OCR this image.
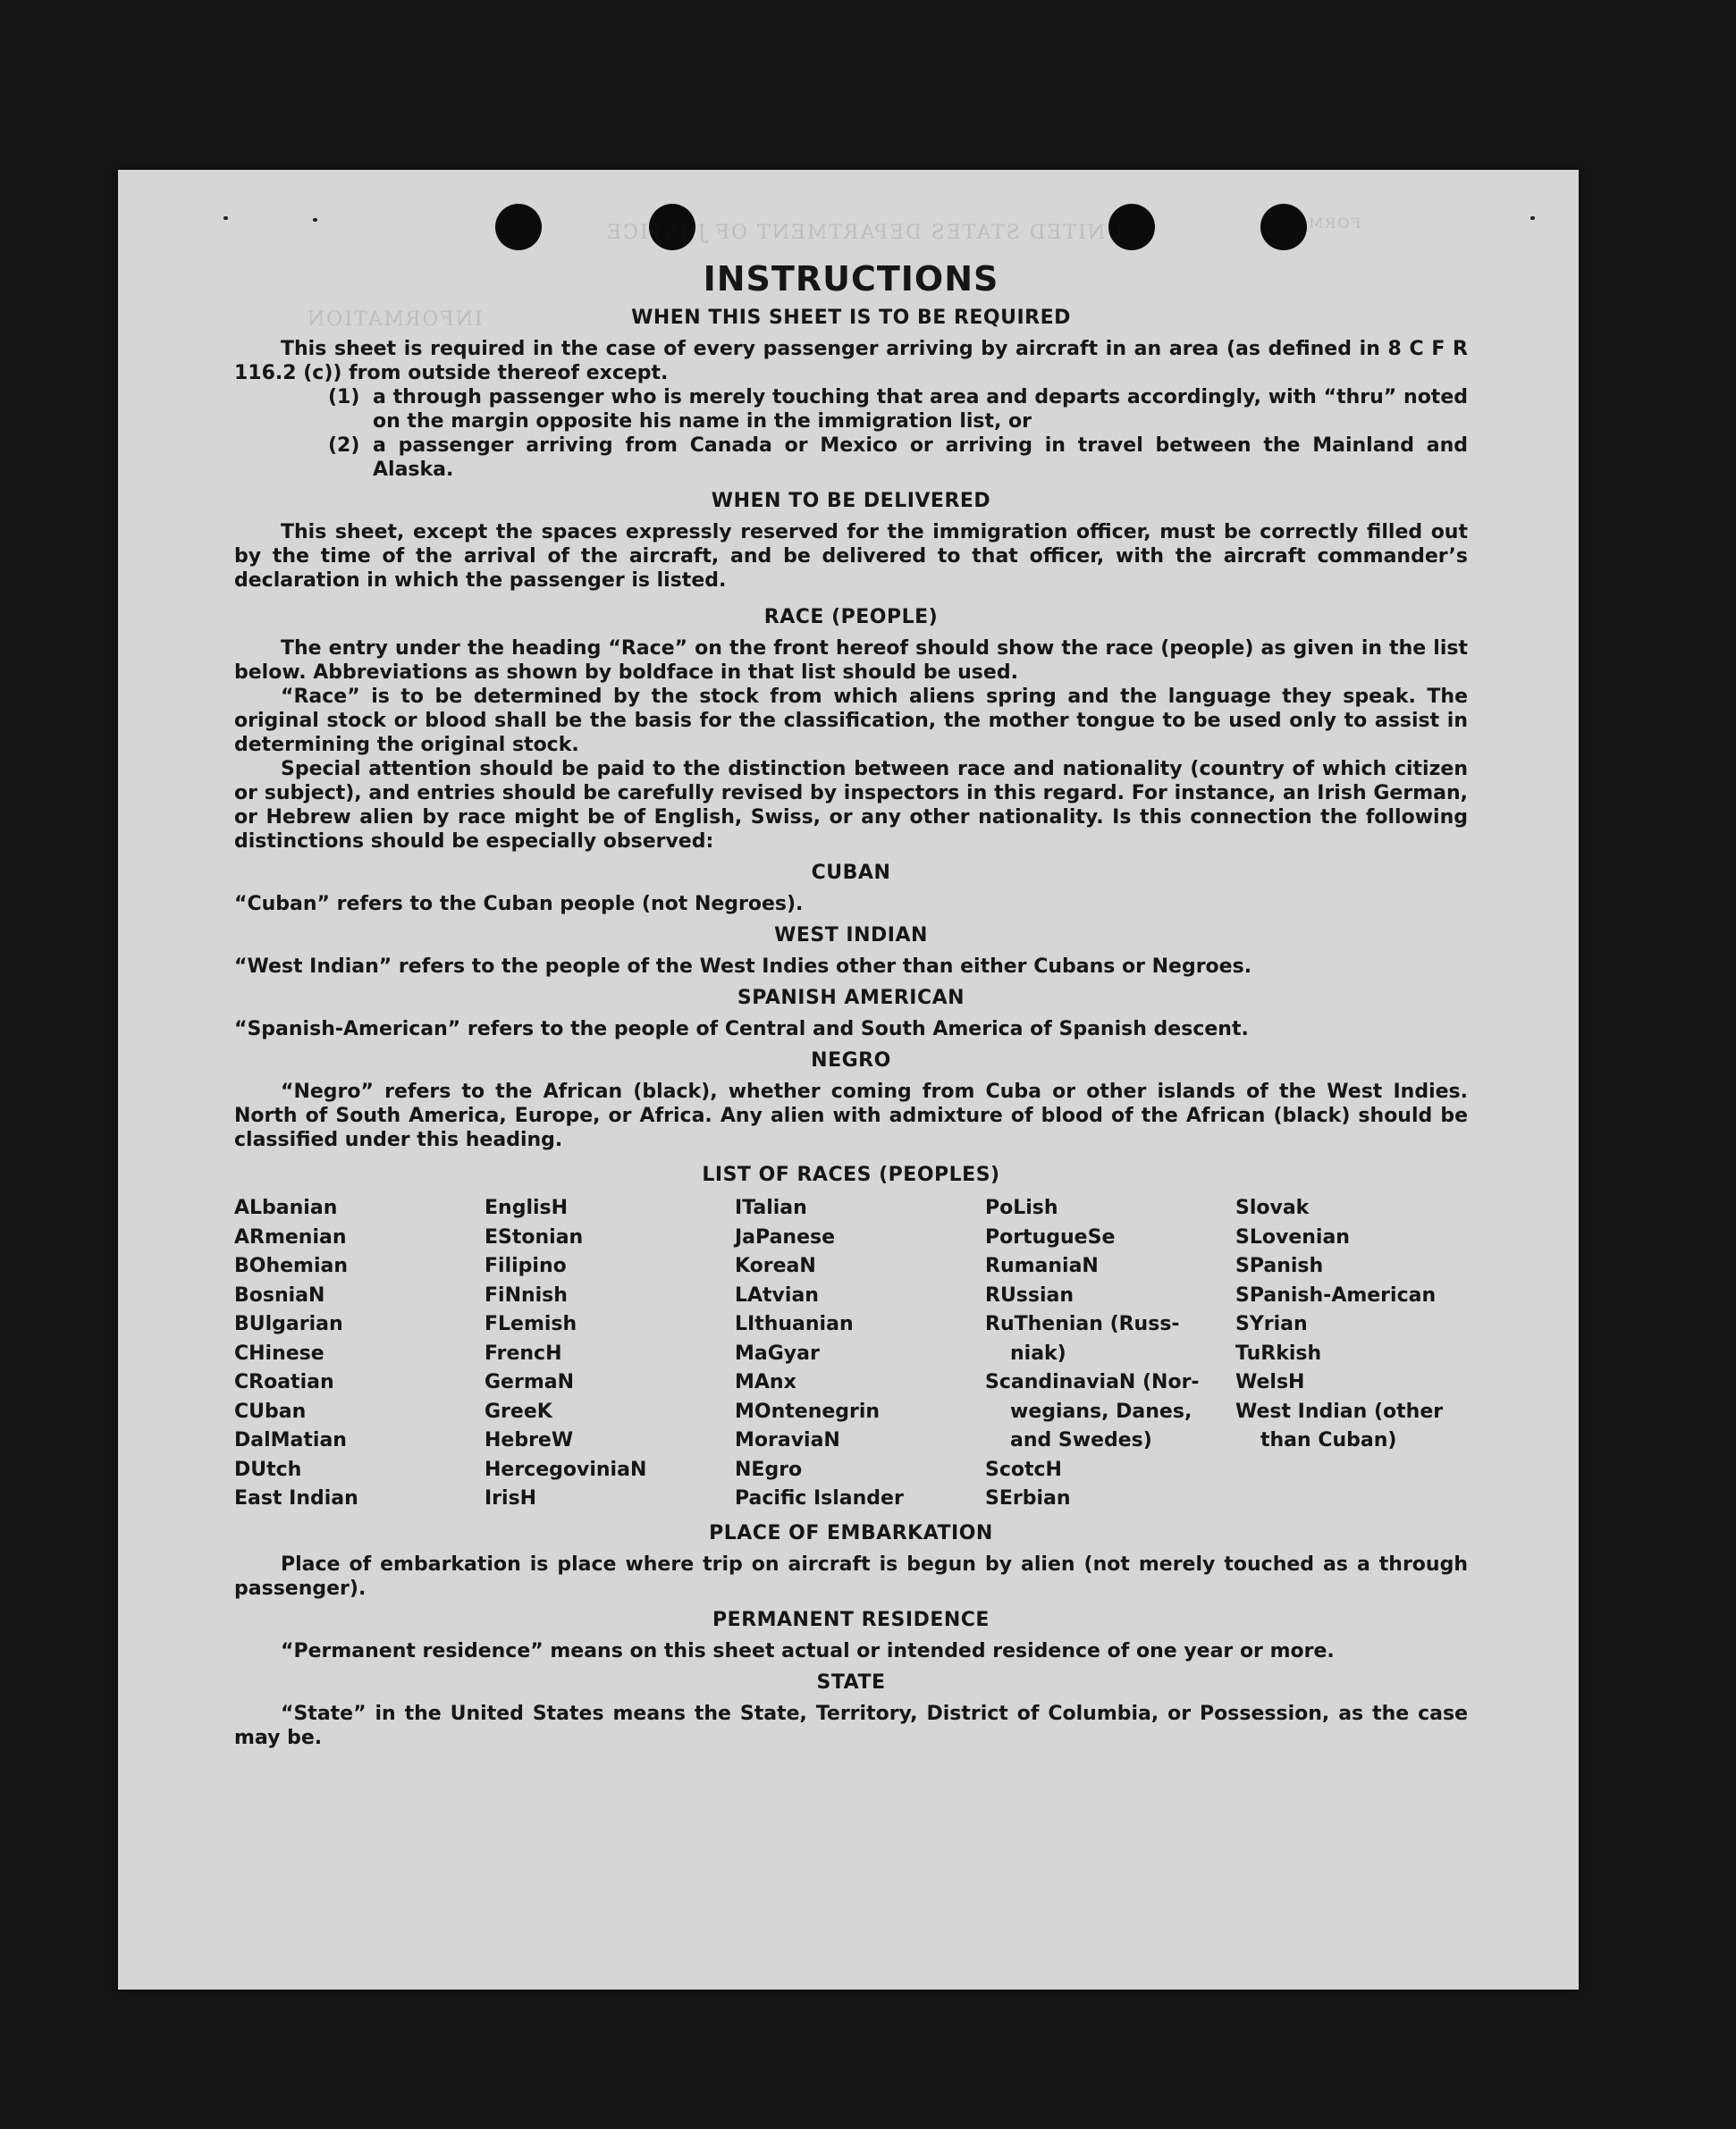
UNITED STATES DEPARTMENT OF JUSTICE	FORM
INFORMATION
INSTRUCTIONS
WHEN THIS SHEET IS TO BE REQUIRED

This sheet is required in the case of every passenger arriving by aircraft in an area (as defined in 8 C F R 116.2 (c)) from outside thereof except.

(1) a through passenger who is merely touching that area and departs accordingly, with “thru” noted on the margin opposite his name in the immigration list, or
(2) a passenger arriving from Canada or Mexico or arriving in travel between the Mainland and Alaska.
WHEN TO BE DELIVERED

This sheet, except the spaces expressly reserved for the immigration officer, must be correctly filled out by the time of the arrival of the aircraft, and be delivered to that officer, with the aircraft commander’s declaration in which the passenger is listed.

RACE (PEOPLE)

The entry under the heading “Race” on the front hereof should show the race (people) as given in the list below. Abbreviations as shown by boldface in that list should be used.

“Race” is to be determined by the stock from which aliens spring and the language they speak. The original stock or blood shall be the basis for the classification, the mother tongue to be used only to assist in determining the original stock.

Special attention should be paid to the distinction between race and nationality (country of which citizen or subject), and entries should be carefully revised by inspectors in this regard. For instance, an Irish German, or Hebrew alien by race might be of English, Swiss, or any other nationality. Is this connection the following distinctions should be especially observed:

CUBAN

“Cuban” refers to the Cuban people (not Negroes).

WEST INDIAN

“West Indian” refers to the people of the West Indies other than either Cubans or Negroes.

SPANISH AMERICAN

“Spanish-American” refers to the people of Central and South America of Spanish descent.

NEGRO

“Negro” refers to the African (black), whether coming from Cuba or other islands of the West Indies. North of South America, Europe, or Africa. Any alien with admixture of blood of the African (black) should be classified under this heading.

LIST OF RACES (PEOPLES)
ALbanian
ARmenian
BOhemian
BosniaN
BUlgarian
CHinese
CRoatian
CUban
DalMatian
DUtch
East Indian
EnglisH
EStonian
Filipino
FiNnish
FLemish
FrencH
GermaN
GreeK
HebreW
HercegoviniaN
IrisH
ITalian
JaPanese
KoreaN
LAtvian
LIthuanian
MaGyar
MAnx
MOntenegrin
MoraviaN
NEgro
Pacific Islander
PoLish
PortugueSe
RumaniaN
RUssian
RuThenian (Russ-
niak)
ScandinaviaN (Nor-
wegians, Danes,
and Swedes)
ScotcH
SErbian
Slovak
SLovenian
SPanish
SPanish-American
SYrian
TuRkish
WelsH
West Indian (other
than Cuban)
PLACE OF EMBARKATION

Place of embarkation is place where trip on aircraft is begun by alien (not merely touched as a through passenger).

PERMANENT RESIDENCE

“Permanent residence” means on this sheet actual or intended residence of one year or more.

STATE

“State” in the United States means the State, Territory, District of Columbia, or Possession, as the case may be.
